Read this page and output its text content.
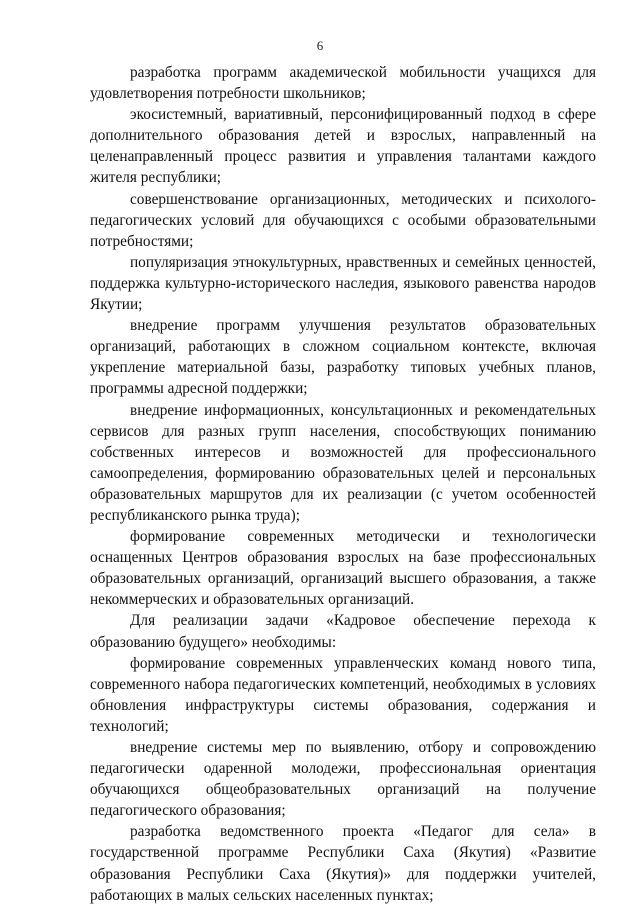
6

разработка программ академической мобильности учащихся для удовлетворения потребности школьников;

экосистемный, вариативный, персонифицированный подход в сфере дополнительного образования детей и взрослых, направленный на целенаправленный процесс развития и управления талантами каждого жителя республики;

совершенствование организационных, методических и психолого-педагогических условий для обучающихся с особыми образовательными потребностями;

популяризация этнокультурных, нравственных и семейных ценностей, поддержка культурно-исторического наследия, языкового равенства народов Якутии;

внедрение программ улучшения результатов образовательных организаций, работающих в сложном социальном контексте, включая укрепление материальной базы, разработку типовых учебных планов, программы адресной поддержки;

внедрение информационных, консультационных и рекомендательных сервисов для разных групп населения, способствующих пониманию собственных интересов и возможностей для профессионального самоопределения, формированию образовательных целей и персональных образовательных маршрутов для их реализации (с учетом особенностей республиканского рынка труда);

формирование современных методически и технологически оснащенных Центров образования взрослых на базе профессиональных образовательных организаций, организаций высшего образования, а также некоммерческих и образовательных организаций.

Для реализации задачи «Кадровое обеспечение перехода к образованию будущего» необходимы:

формирование современных управленческих команд нового типа, современного набора педагогических компетенций, необходимых в условиях обновления инфраструктуры системы образования, содержания и технологий;

внедрение системы мер по выявлению, отбору и сопровождению педагогически одаренной молодежи, профессиональная ориентация обучающихся общеобразовательных организаций на получение педагогического образования;

разработка ведомственного проекта «Педагог для села» в государственной программе Республики Саха (Якутия) «Развитие образования Республики Саха (Якутия)» для поддержки учителей, работающих в малых сельских населенных пунктах;
